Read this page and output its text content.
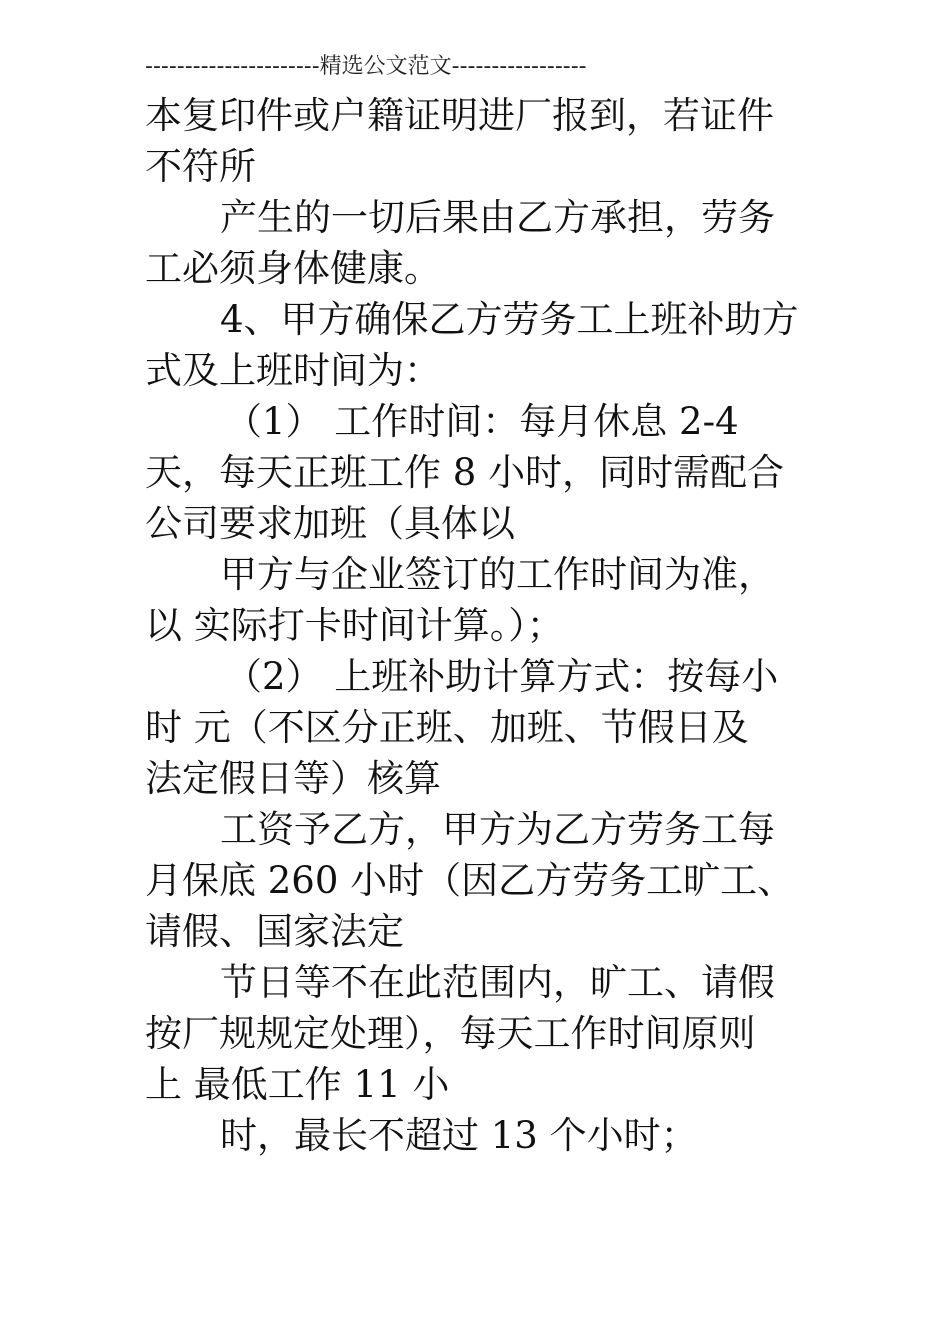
----------------------精选公文范文-----------------
本复印件或户籍证明进厂报到，若证件
不符所
产生的一切后果由乙方承担，劳务
工必须身体健康。
4、甲方确保乙方劳务工上班补助方
式及上班时间为：
（1） 工作时间：每月休息 2-4
天，每天正班工作 8 小时，同时需配合
公司要求加班（具体以
甲方与企业签订的工作时间为准，
以 实际打卡时间计算。）；
（2） 上班补助计算方式：按每小
时 元（不区分正班、加班、节假日及
法定假日等）核算
工资予乙方，甲方为乙方劳务工每
月保底 260 小时（因乙方劳务工旷工、
请假、国家法定
节日等不在此范围内，旷工、请假
按厂规规定处理），每天工作时间原则
上 最低工作 11 小
时，最长不超过 13 个小时；
